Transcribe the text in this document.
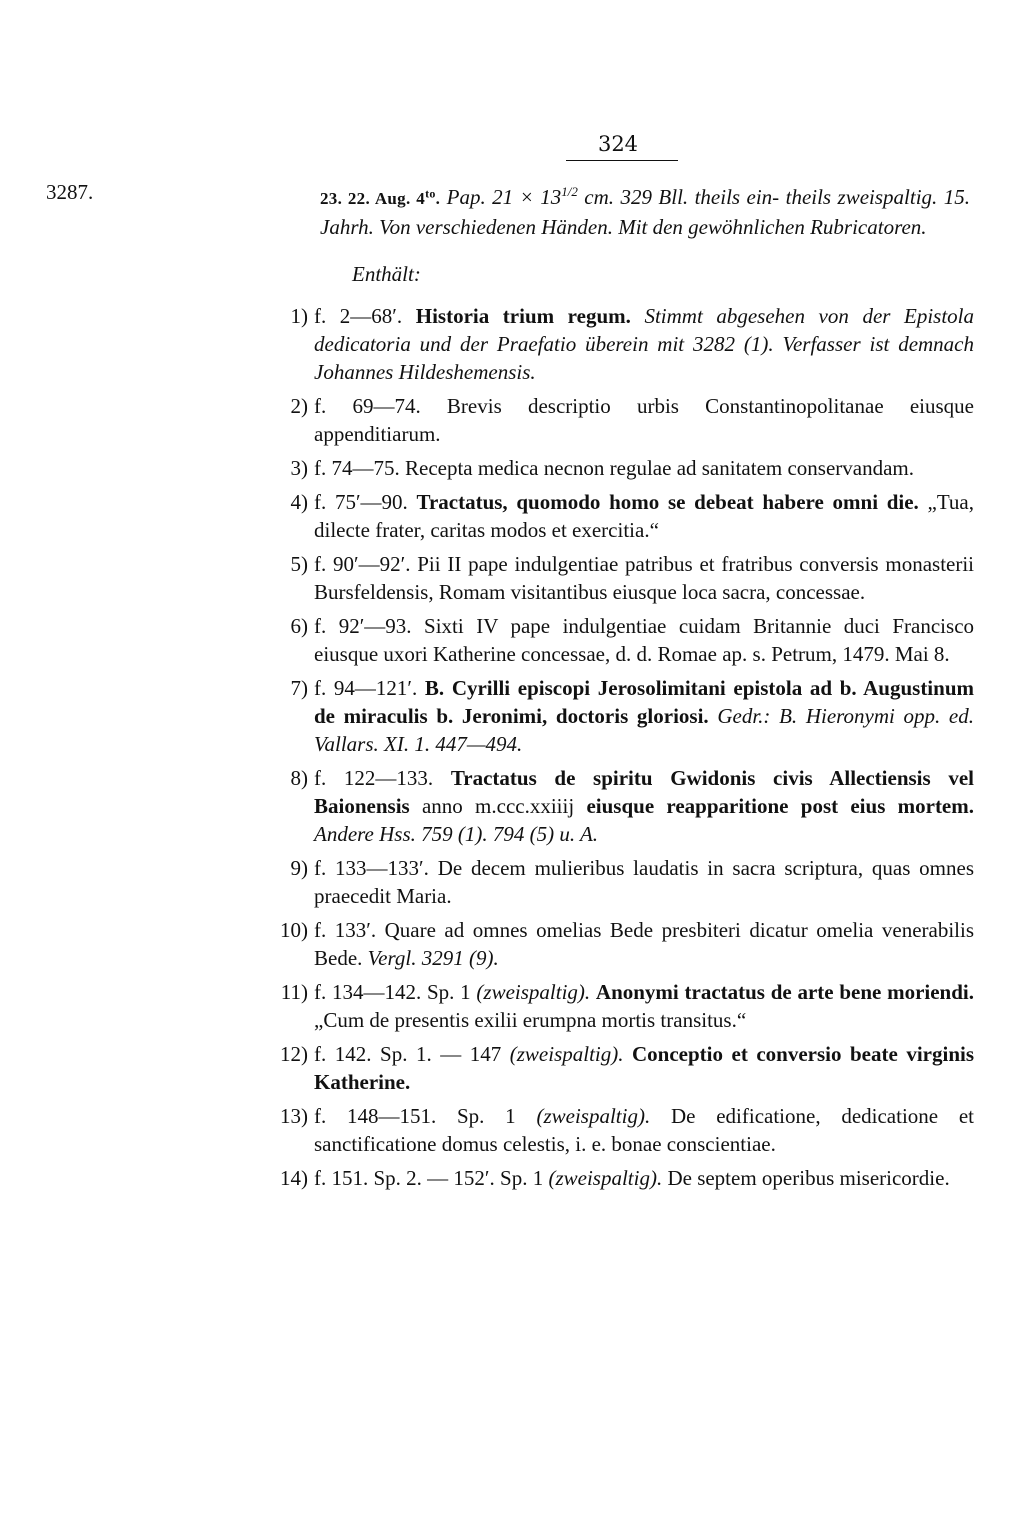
324
3287.	23. 22. Aug. $4^{to}$. Pap. $21 \times 13^{1/2}$ cm. 329 Bll. theils ein- theils zweispaltig. 15. Jahrh. Von verschiedenen Händen. Mit den gewöhnlichen Rubricatoren.
Enthält:
1) f. 2—68′. Historia trium regum. Stimmt abgesehen von der Epistola dedicatoria und der Praefatio überein mit 3282 (1). Verfasser ist demnach Johannes Hildeshemensis.
2) f. 69—74. Brevis descriptio urbis Constantinopolitanae eiusque appenditiarum.
3) f. 74—75. Recepta medica necnon regulae ad sanitatem conservandam.
4) f. 75′—90. Tractatus, quomodo homo se debeat habere omni die. „Tua, dilecte frater, caritas modos et exercitia.“
5) f. 90′—92′. Pii II pape indulgentiae patribus et fratribus conversis monasterii Bursfeldensis, Romam visitantibus eiusque loca sacra, concessae.
6) f. 92′—93. Sixti IV pape indulgentiae cuidam Britannie duci Francisco eiusque uxori Katherine concessae, d. d. Romae ap. s. Petrum, 1479. Mai 8.
7) f. 94—121′. B. Cyrilli episcopi Jerosolimitani epistola ad b. Augustinum de miraculis b. Jeronimi, doctoris gloriosi. Gedr.: B. Hieronymi opp. ed. Vallars. XI. 1. 447—494.
8) f. 122—133. Tractatus de spiritu Gwidonis civis Allectiensis vel Baionensis anno m.ccc.xxiiij eiusque reapparitione post eius mortem. Andere Hss. 759 (1). 794 (5) u. A.
9) f. 133—133′. De decem mulieribus laudatis in sacra scriptura, quas omnes praecedit Maria.
10) f. 133′. Quare ad omnes omelias Bede presbiteri dicatur omelia venerabilis Bede. Vergl. 3291 (9).
11) f. 134—142. Sp. 1 (zweispaltig). Anonymi tractatus de arte bene moriendi. „Cum de presentis exilii erumpna mortis transitus.“
12) f. 142. Sp. 1. — 147 (zweispaltig). Conceptio et conversio beate virginis Katherine.
13) f. 148—151. Sp. 1 (zweispaltig). De edificatione, dedicatione et sanctificatione domus celestis, i. e. bonae conscientiae.
14) f. 151. Sp. 2. — 152′. Sp. 1 (zweispaltig). De septem operibus misericordie.
